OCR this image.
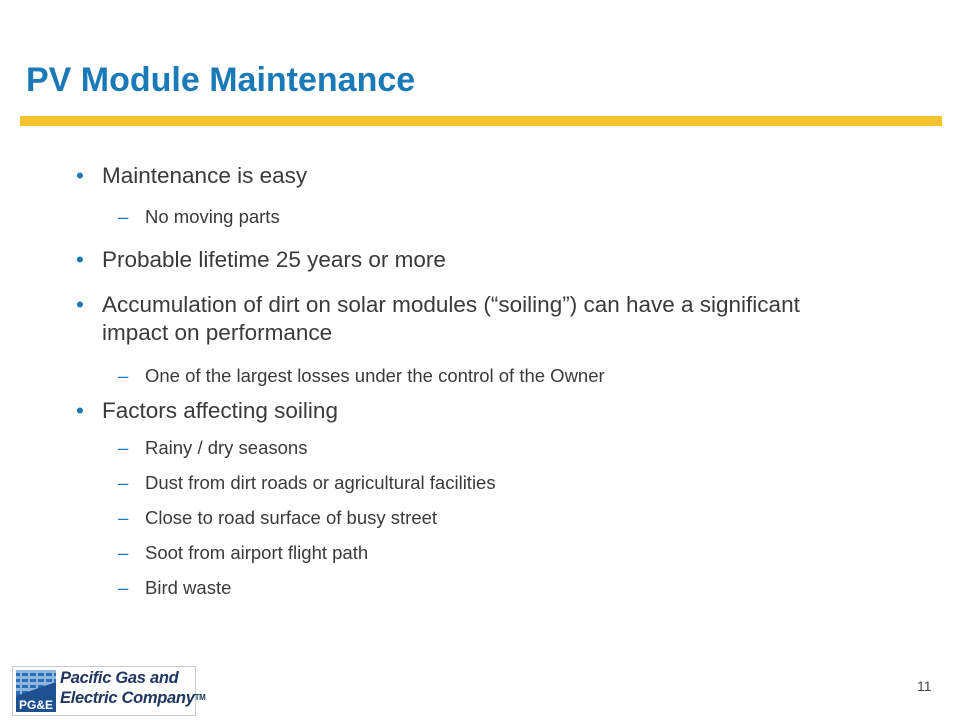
PV Module Maintenance
• Maintenance is easy
– No moving parts
• Probable lifetime 25 years or more
• Accumulation of dirt on solar modules (“soiling”) can have a significant impact on performance
– One of the largest losses under the control of the Owner
• Factors affecting soiling
– Rainy / dry seasons
– Dust from dirt roads or agricultural facilities
– Close to road surface of busy street
– Soot from airport flight path
– Bird waste
PG&E
Pacific Gas and
Electric CompanyTM
11
